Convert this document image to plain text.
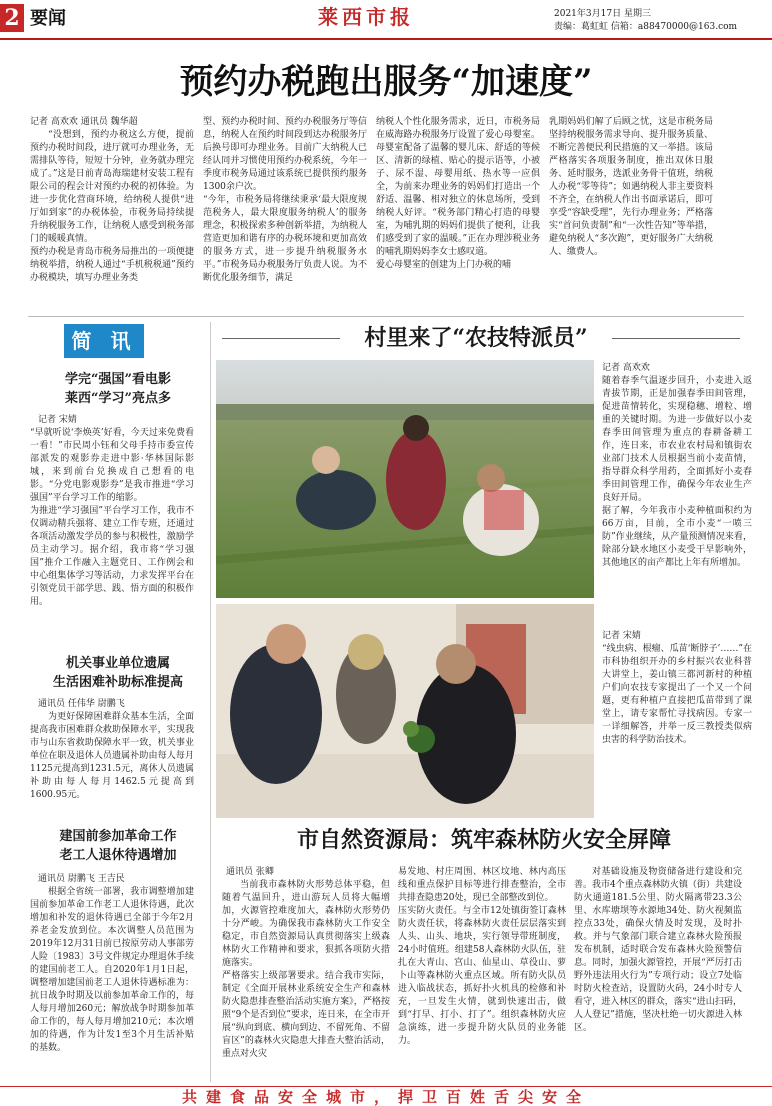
2 要闻	莱西市报	2021年3月17日 星期三
责编：葛虹虹 信箱：a88470000@163.com
预约办税跑出服务“加速度”
记者 高欢欢 通讯员 魏华超
“没想到，预约办税这么方便，提前预约办税时间段，进厅就可办理业务，无需排队等待，短短十分钟，业务就办理完成了。”这是日前青岛海瑞建材安装工程有限公司的程会计对预约办税的初体验。为进一步优化营商环境，给纳税人提供“进厅如到家”的办税体验，市税务局持续提升纳税服务工作，让纳税人感受到税务部门的暖暖真情。
预约办税是青岛市税务局推出的一项便捷纳税举措，纳税人通过“手机税税通”预约办税模块，填写办理业务类
型、预约办税时间、预约办税服务厅等信息，纳税人在预约时间段到达办税服务厅后换号即可办理业务。目前广大纳税人已经认同并习惯使用预约办税系统，今年一季度市税务局通过该系统已提供预约服务1300余户次。
“今年，市税务局将继续秉承‘最大限度规范税务人，最大限度服务纳税人’的服务理念，积极探索多种创新举措，为纳税人营造更加和谐有序的办税环境和更加高效的服务方式，进一步提升纳税服务水平。”市税务局办税服务厅负责人说。为不断优化服务细节，满足
纳税人个性化服务需求，近日，市税务局在威海路办税服务厅设置了爱心母婴室。母婴室配备了温馨的婴儿床、舒适的等候区、清新的绿植、贴心的提示语等，小被子、尿不湿、母婴用纸、热水等一应俱全，为前来办理业务的妈妈们打造出一个舒适、温馨、相对独立的休息场所，受到纳税人好评。“税务部门精心打造的母婴室，为哺乳期的妈妈们提供了便利，让我们感受到了家的温暖。”正在办理涉税业务的哺乳期妈妈李女士感叹道。
爱心母婴室的创建为上门办税的哺
乳期妈妈们解了后顾之忧，这是市税务局坚持纳税服务需求导向、提升服务质量、不断完善便民利民措施的又一举措。该局严格落实各项服务制度，推出双休日服务、延时服务，选派业务骨干值班，纳税人办税“零等待”；如遇纳税人非主要资料不齐全，在纳税人作出书面承诺后，即可享受“容缺受理”，先行办理业务；严格落实“首问负责制”和“一次性告知”等举措，避免纳税人“多次跑”，更好服务广大纳税人、缴费人。
简 讯
学完“强国”看电影
莱西“学习”亮点多
记者 宋婧
“早就听说‘李焕英’好看，今天过来免费看一看！”市民周小钰和父母手持市委宣传部派发的观影券走进中影·华林国际影城，来到前台兑换成自己想看的电影。“分党电影观影券”是我市推进“学习强国”平台学习工作的缩影。
为推进“学习强国”平台学习工作，我市不仅调动精兵强将、建立工作专班，还通过各项活动激发学员的参与积极性，激励学员主动学习。据介绍，我市将“学习强国”推介工作融入主题党日、工作例会和中心组集体学习等活动，力求发挥平台在引领党员干部学思、践、悟方面的积极作用。
机关事业单位遗属
生活困难补助标准提高
通讯员 任伟华 尉鹏飞
为更好保障困难群众基本生活，全面提高我市困难群众救助保障水平，实现我市与山东省救助保障水平一致，机关事业单位在职及退休人员遗属补助由每人每月1125元提高到1231.5元，离休人员遗属补助由每人每月1462.5元提高到1600.95元。
建国前参加革命工作
老工人退休待遇增加
通讯员 尉鹏飞 王吉民
根据全省统一部署，我市调整增加建国前参加革命工作老工人退休待遇，此次增加和补发的退休待遇已全部于今年2月养老金发放到位。本次调整人员范围为2019年12月31日前已按原劳动人事部劳人险〔1983〕3号文件规定办理退休手续的建国前老工人。自2020年1月1日起，调整增加建国前老工人退休待遇标准为：抗日战争时期及以前参加革命工作的，每人每月增加260元；解放战争时期参加革命工作的，每人每月增加210元；本次增加的待遇，作为计发1至3个月生活补贴的基数。
村里来了“农技特派员”
记者 高欢欢
随着春季气温逐步回升，小麦进入返青拔节期，正是加强春季田间管理，促进苗情转化，实现稳穗、增粒、增重的关键时期。为进一步做好以小麦春季田间管理为重点的春耕备耕工作，连日来，市农业农村局和镇街农业部门技术人员根据当前小麦苗情，指导群众科学用药，全面抓好小麦春季田间管理工作，确保今年农业生产良好开局。
据了解，今年我市小麦种植面积约为66万亩，目前，全市小麦“一喷三防”作业继续，从产量预测情况来看，除部分缺水地区小麦受干旱影响外，其他地区的亩产都比上年有所增加。
记者 宋婧
“线虫病、根瘤、瓜苗‘断脖子’……”在市科协组织开办的乡村振兴农业科普大讲堂上，姜山镇三都河新村的种植户们向农技专家提出了一个又一个问题，更有种植户直接把瓜苗带到了课堂上，请专家帮忙寻找病因。专家一一详细解答，并举一反三教授类似病虫害的科学防治技术。
市自然资源局：筑牢森林防火安全屏障
通讯员 张卿
当前我市森林防火形势总体平稳，但随着气温回升，进山游玩人员将大幅增加，火源管控难度加大，森林防火形势仍十分严峻。为确保我市森林防火工作安全稳定，市自然资源局认真贯彻落实上级森林防火工作精神和要求，狠抓各项防火措施落实。
严格落实上级部署要求。结合我市实际，制定《全面开展林业系统安全生产和森林防火隐患排查整治活动实施方案》，严格按照“9个是否到位”要求，连日来，在全市开展“纵向到底、横向到边、不留死角、不留盲区”的森林火灾隐患大排查大整治活动，重点对火灾
易发地、村庄周围、林区坟地、林内高压线和重点保护目标等进行排查整治，全市共排查隐患20处，现已全部整改到位。
压实防火责任。与全市12处镇街签订森林防火责任状，将森林防火责任层层落实到人头、山头、地块，实行领导带班制度，24小时值班。组建58人森林防火队伍，驻扎在大青山、宫山、仙星山、草役山、萝卜山等森林防火重点区域。所有防火队员进入临战状态，抓好扑火机具的检修和补充，一旦发生火情，就到快速出击，做到“打早、打小、打了”。组织森林防火应急演练，进一步提升防火队员的业务能力。
对基础设施及物资储备进行建设和完善。我市4个重点森林防火镇（街）共建设防火通道181.5公里、防火隔离带23.3公里、水库塘坝等水源地34处、防火视频监控点33处，确保火情及时发现，及时扑救。并与气象部门联合建立森林火险预报发布机制，适时联合发布森林火险预警信息。同时，加强火源管控，开展“严厉打击野外违法用火行为”专项行动；设立7处临时防火检查站，设置防火码，24小时专人看守，进入林区的群众，落实“进山扫码，人人登记”措施，坚决杜绝一切火源进入林区。
共建食品安全城市，捍卫百姓舌尖安全
